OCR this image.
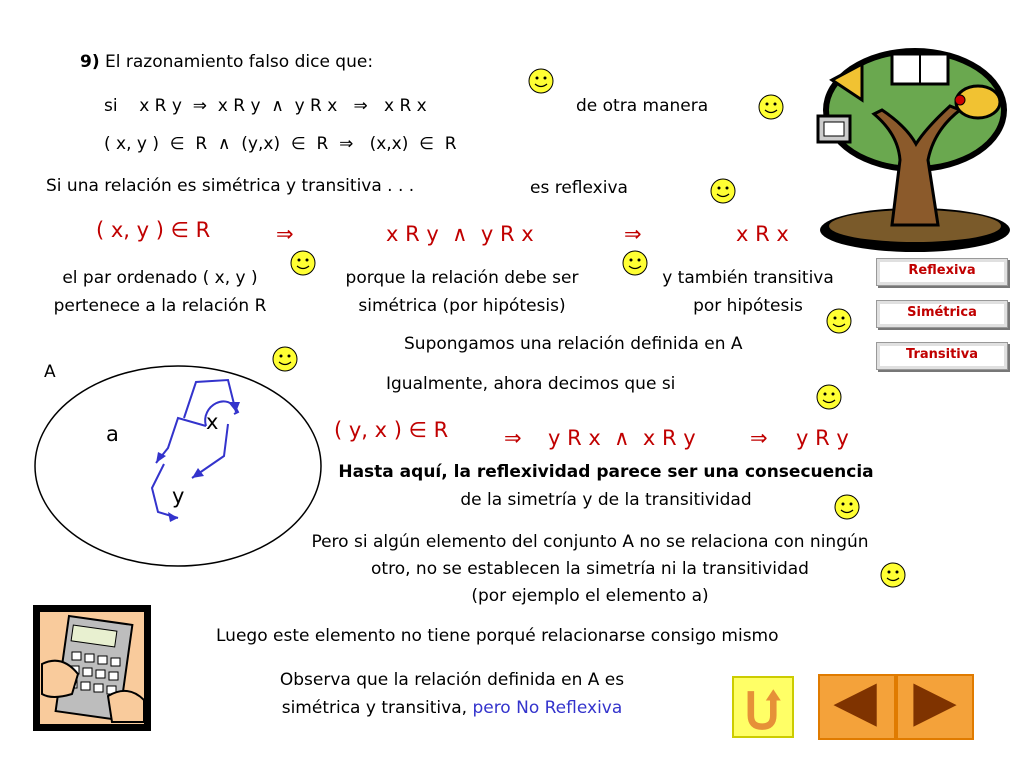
9) El razonamiento falso dice que:
si    x R y  ⇒  x R y  ∧  y R x   ⇒   x R x	de otra manera
( x, y )  ∈  R  ∧  (y,x)  ∈  R  ⇒   (x,x)  ∈  R
Si una relación es simétrica y transitiva . . .	es reflexiva
( x, y ) ∈ R	⇒	x R y  ∧  y R x	⇒	x R x
el par ordenado ( x, y )
pertenece a la relación R
porque la relación debe ser
simétrica (por hipótesis)
y también transitiva
por hipótesis
Supongamos una relación definida en A
Igualmente, ahora decimos que si
A
a	x
y
( y, x ) ∈ R	⇒ y R x  ∧  x R y	⇒ y R y
Hasta aquí, la reflexividad parece ser una consecuencia
de la simetría y de la transitividad
Pero si algún elemento del conjunto A no se relaciona con ningún
otro, no se establecen la simetría ni la transitividad
(por ejemplo el elemento a)
Luego este elemento no tiene porqué relacionarse consigo mismo
Observa que la relación definida en A es
simétrica y transitiva, pero No Reflexiva
Reflexiva
Simétrica
Transitiva
